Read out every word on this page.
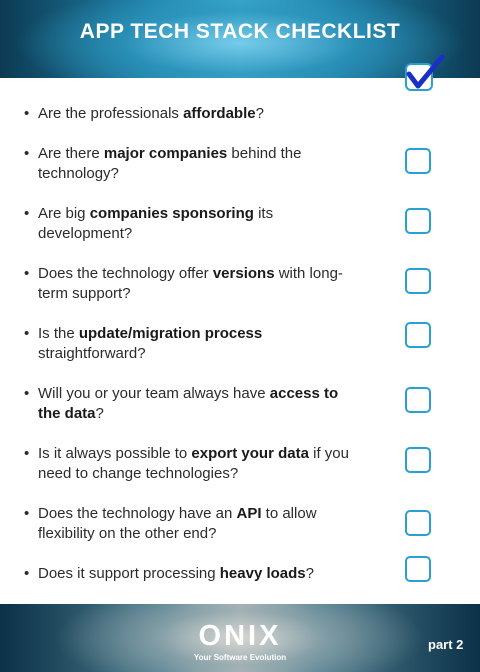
APP TECH STACK CHECKLIST
• Are the professionals affordable?
• Are there major companies behind the technology?
• Are big companies sponsoring its development?
• Does the technology offer versions with long-term support?
• Is the update/migration process straightforward?
• Will you or your team always have access to the data?
• Is it always possible to export your data if you need to change technologies?
• Does the technology have an API to allow flexibility on the other end?
• Does it support processing heavy loads?
ONIX
Your Software Evolution
part 2
